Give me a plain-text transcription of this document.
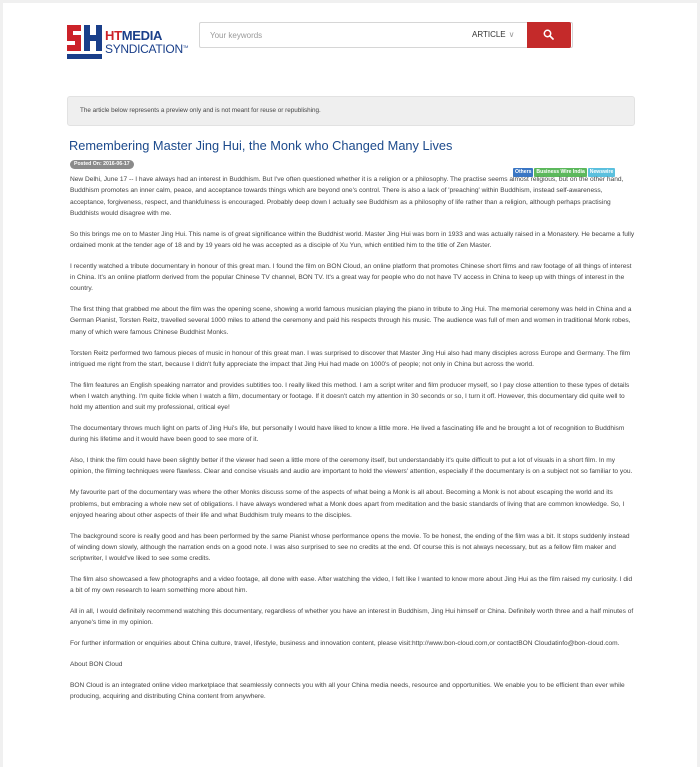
HTMEDIA
SYNDICATION™
Your keywords
ARTICLE ∨
The article below represents a preview only and is not meant for reuse or republishing.
Remembering Master Jing Hui, the Monk who Changed Many Lives
Posted On: 2016-06-17
Others Business Wire India Newswire

New Delhi, June 17 -- I have always had an interest in Buddhism. But I've often questioned whether it is a religion or a philosophy. The practise seems almost religious, but on the other hand, Buddhism promotes an inner calm, peace, and acceptance towards things which are beyond one's control. There is also a lack of 'preaching' within Buddhism, instead self-awareness, acceptance, forgiveness, respect, and thankfulness is encouraged. Probably deep down I actually see Buddhism as a philosophy of life rather than a religion, although perhaps practising Buddhists would disagree with me.

So this brings me on to Master Jing Hui. This name is of great significance within the Buddhist world. Master Jing Hui was born in 1933 and was actually raised in a Monastery. He became a fully ordained monk at the tender age of 18 and by 19 years old he was accepted as a disciple of Xu Yun, which entitled him to the title of Zen Master.

I recently watched a tribute documentary in honour of this great man. I found the film on BON Cloud, an online platform that promotes Chinese short films and raw footage of all things of interest in China. It's an online platform derived from the popular Chinese TV channel, BON TV. It's a great way for people who do not have TV access in China to keep up with things of interest in the country.

The first thing that grabbed me about the film was the opening scene, showing a world famous musician playing the piano in tribute to Jing Hui. The memorial ceremony was held in China and a German Pianist, Torsten Reitz, travelled several 1000 miles to attend the ceremony and paid his respects through his music. The audience was full of men and women in traditional Monk robes, many of which were famous Chinese Buddhist Monks.

Torsten Reitz performed two famous pieces of music in honour of this great man. I was surprised to discover that Master Jing Hui also had many disciples across Europe and Germany. The film intrigued me right from the start, because I didn't fully appreciate the impact that Jing Hui had made on 1000's of people; not only in China but across the world.

The film features an English speaking narrator and provides subtitles too. I really liked this method. I am a script writer and film producer myself, so I pay close attention to these types of details when I watch anything. I'm quite fickle when I watch a film, documentary or footage. If it doesn't catch my attention in 30 seconds or so, I turn it off. However, this documentary did quite well to hold my attention and suit my professional, critical eye!

The documentary throws much light on parts of Jing Hui's life, but personally I would have liked to know a little more. He lived a fascinating life and he brought a lot of recognition to Buddhism during his lifetime and it would have been good to see more of it.

Also, I think the film could have been slightly better if the viewer had seen a little more of the ceremony itself, but understandably it's quite difficult to put a lot of visuals in a short film. In my opinion, the filming techniques were flawless. Clear and concise visuals and audio are important to hold the viewers' attention, especially if the documentary is on a subject not so familiar to you.

My favourite part of the documentary was where the other Monks discuss some of the aspects of what being a Monk is all about. Becoming a Monk is not about escaping the world and its problems, but embracing a whole new set of obligations. I have always wondered what a Monk does apart from meditation and the basic standards of living that are common knowledge. So, I enjoyed hearing about other aspects of their life and what Buddhism truly means to the disciples.

The background score is really good and has been performed by the same Pianist whose performance opens the movie. To be honest, the ending of the film was a bit. It stops suddenly instead of winding down slowly, although the narration ends on a good note. I was also surprised to see no credits at the end. Of course this is not always necessary, but as a fellow film maker and scriptwriter, I would've liked to see some credits.

The film also showcased a few photographs and a video footage, all done with ease. After watching the video, I felt like I wanted to know more about Jing Hui as the film raised my curiosity. I did a bit of my own research to learn something more about him.

All in all, I would definitely recommend watching this documentary, regardless of whether you have an interest in Buddhism, Jing Hui himself or China. Definitely worth three and a half minutes of anyone's time in my opinion.

For further information or enquiries about China culture, travel, lifestyle, business and innovation content, please visit:http://www.bon-cloud.com,or contactBON Cloudatinfo@bon-cloud.com.

About BON Cloud

BON Cloud is an integrated online video marketplace that seamlessly connects you with all your China media needs, resource and opportunities. We enable you to be efficient than ever while producing, acquiring and distributing China content from anywhere.
